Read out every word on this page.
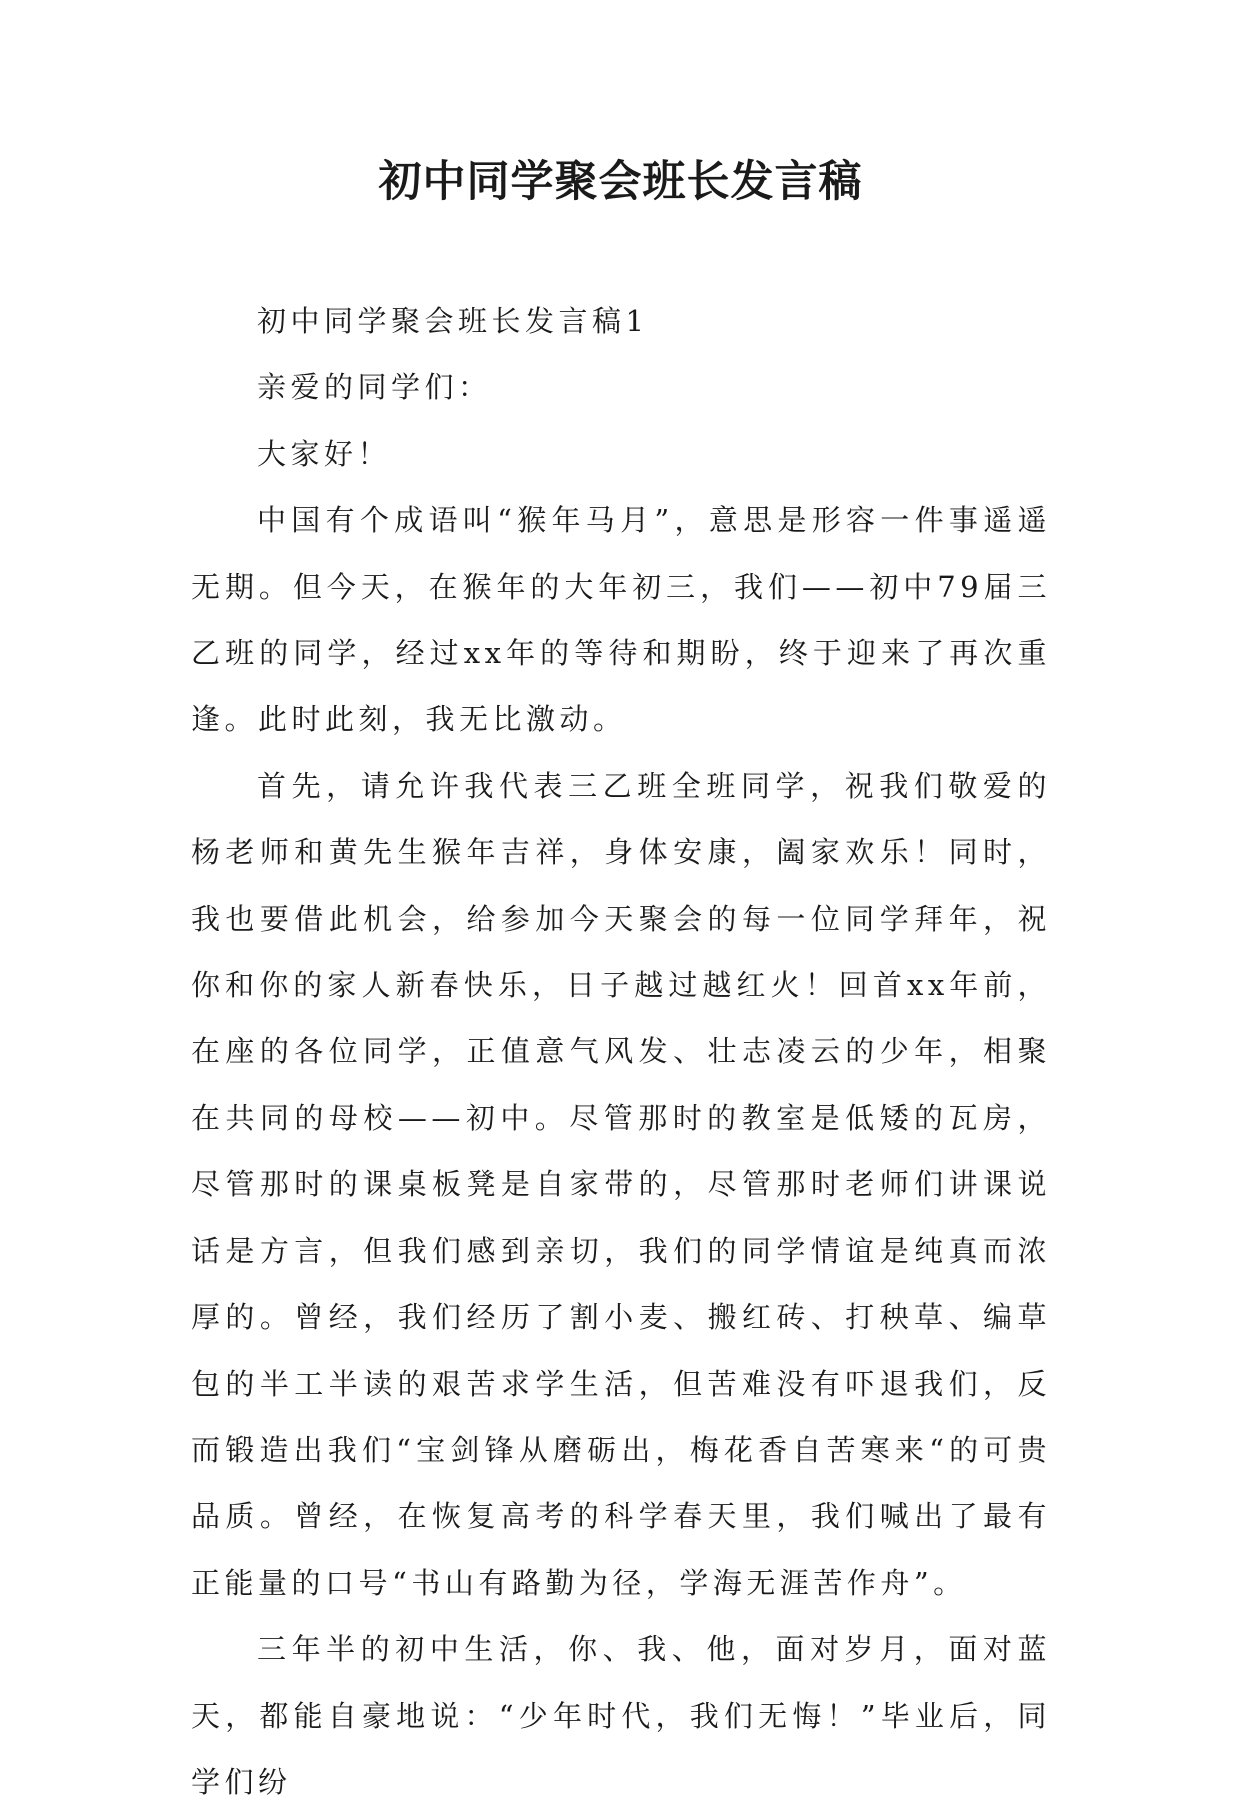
初中同学聚会班长发言稿

初中同学聚会班长发言稿1

亲爱的同学们：

大家好！

中国有个成语叫“猴年马月”，意思是形容一件事遥遥无期。但今天，在猴年的大年初三，我们——初中79届三乙班的同学，经过xx年的等待和期盼，终于迎来了再次重逢。此时此刻，我无比激动。

首先，请允许我代表三乙班全班同学，祝我们敬爱的杨老师和黄先生猴年吉祥，身体安康，阖家欢乐！同时，我也要借此机会，给参加今天聚会的每一位同学拜年，祝你和你的家人新春快乐，日子越过越红火！回首xx年前，在座的各位同学，正值意气风发、壮志凌云的少年，相聚在共同的母校——初中。尽管那时的教室是低矮的瓦房，尽管那时的课桌板凳是自家带的，尽管那时老师们讲课说话是方言，但我们感到亲切，我们的同学情谊是纯真而浓厚的。曾经，我们经历了割小麦、搬红砖、打秧草、编草包的半工半读的艰苦求学生活，但苦难没有吓退我们，反而锻造出我们“宝剑锋从磨砺出，梅花香自苦寒来“的可贵品质。曾经，在恢复高考的科学春天里，我们喊出了最有正能量的口号“书山有路勤为径，学海无涯苦作舟”。

三年半的初中生活，你、我、他，面对岁月，面对蓝天，都能自豪地说：“少年时代，我们无悔！”毕业后，同学们纷
